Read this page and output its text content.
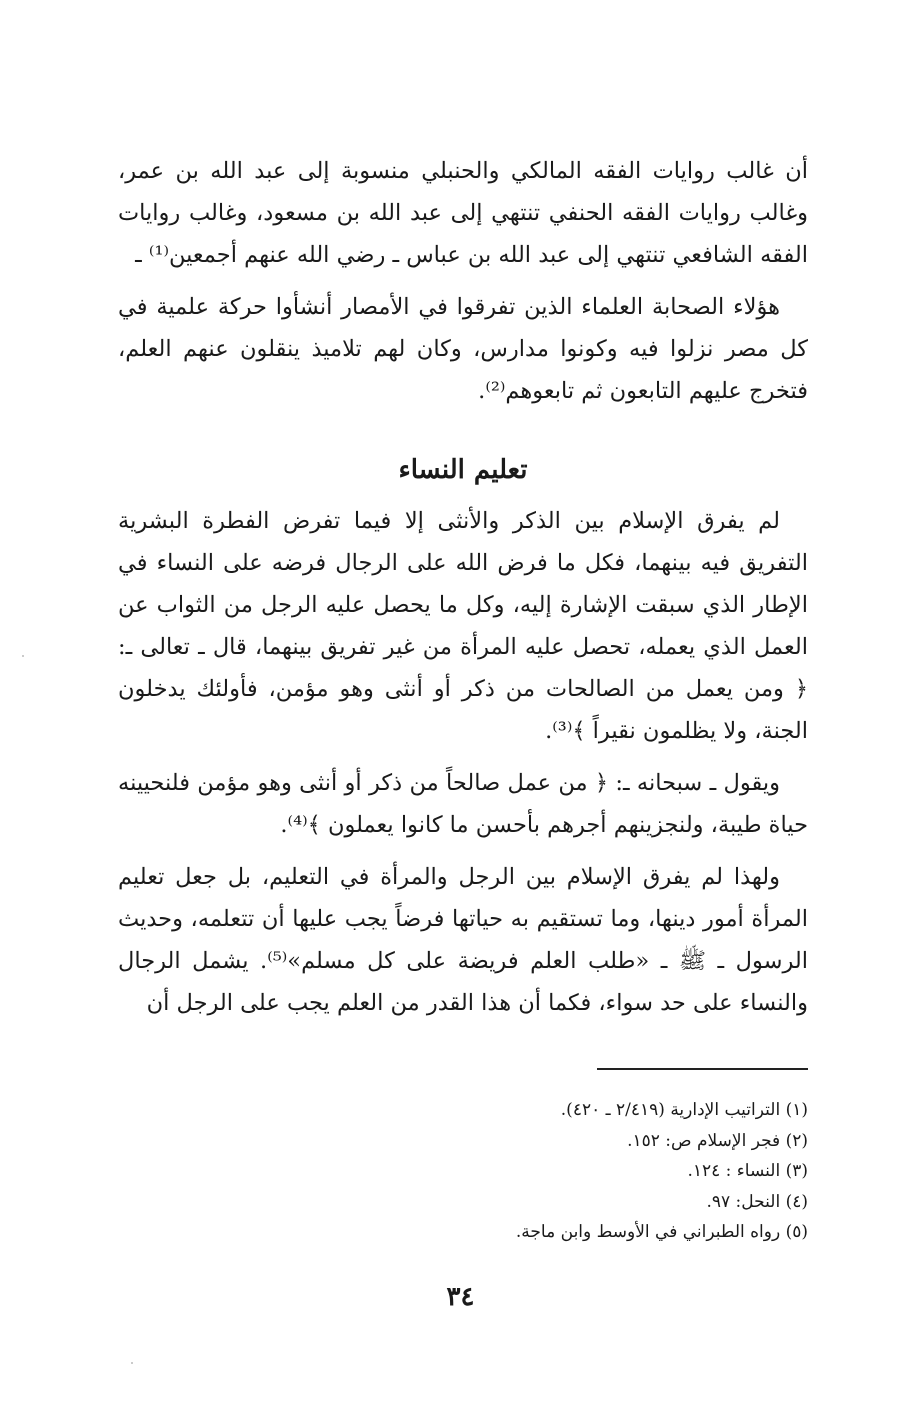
أن غالب روايات الفقه المالكي والحنبلي منسوبة إلى عبد الله بن عمر، وغالب روايات الفقه الحنفي تنتهي إلى عبد الله بن مسعود، وغالب روايات الفقه الشافعي تنتهي إلى عبد الله بن عباس ـ رضي الله عنهم أجمعين⁽¹⁾ ـ

هؤلاء الصحابة العلماء الذين تفرقوا في الأمصار أنشأوا حركة علمية في كل مصر نزلوا فيه وكونوا مدارس، وكان لهم تلاميذ ينقلون عنهم العلم، فتخرج عليهم التابعون ثم تابعوهم⁽²⁾.

تعليم النساء

لم يفرق الإسلام بين الذكر والأنثى إلا فيما تفرض الفطرة البشرية التفريق فيه بينهما، فكل ما فرض الله على الرجال فرضه على النساء في الإطار الذي سبقت الإشارة إليه، وكل ما يحصل عليه الرجل من الثواب عن العمل الذي يعمله، تحصل عليه المرأة من غير تفريق بينهما، قال ـ تعالى ـ: ﴿ ومن يعمل من الصالحات من ذكر أو أنثى وهو مؤمن، فأولئك يدخلون الجنة، ولا يظلمون نقيراً ﴾⁽³⁾.

ويقول ـ سبحانه ـ: ﴿ من عمل صالحاً من ذكر أو أنثى وهو مؤمن فلنحيينه حياة طيبة، ولنجزينهم أجرهم بأحسن ما كانوا يعملون ﴾⁽⁴⁾.

ولهذا لم يفرق الإسلام بين الرجل والمرأة في التعليم، بل جعل تعليم المرأة أمور دينها، وما تستقيم به حياتها فرضاً يجب عليها أن تتعلمه، وحديث الرسول ـ ﷺ ـ «طلب العلم فريضة على كل مسلم»⁽⁵⁾. يشمل الرجال والنساء على حد سواء، فكما أن هذا القدر من العلم يجب على الرجل أن

(١) التراتيب الإدارية (٢/٤١٩ ـ ٤٢٠).

(٢) فجر الإسلام ص: ١٥٢.

(٣) النساء : ١٢٤.

(٤) النحل: ٩٧.

(٥) رواه الطبراني في الأوسط وابن ماجة.

٣٤
